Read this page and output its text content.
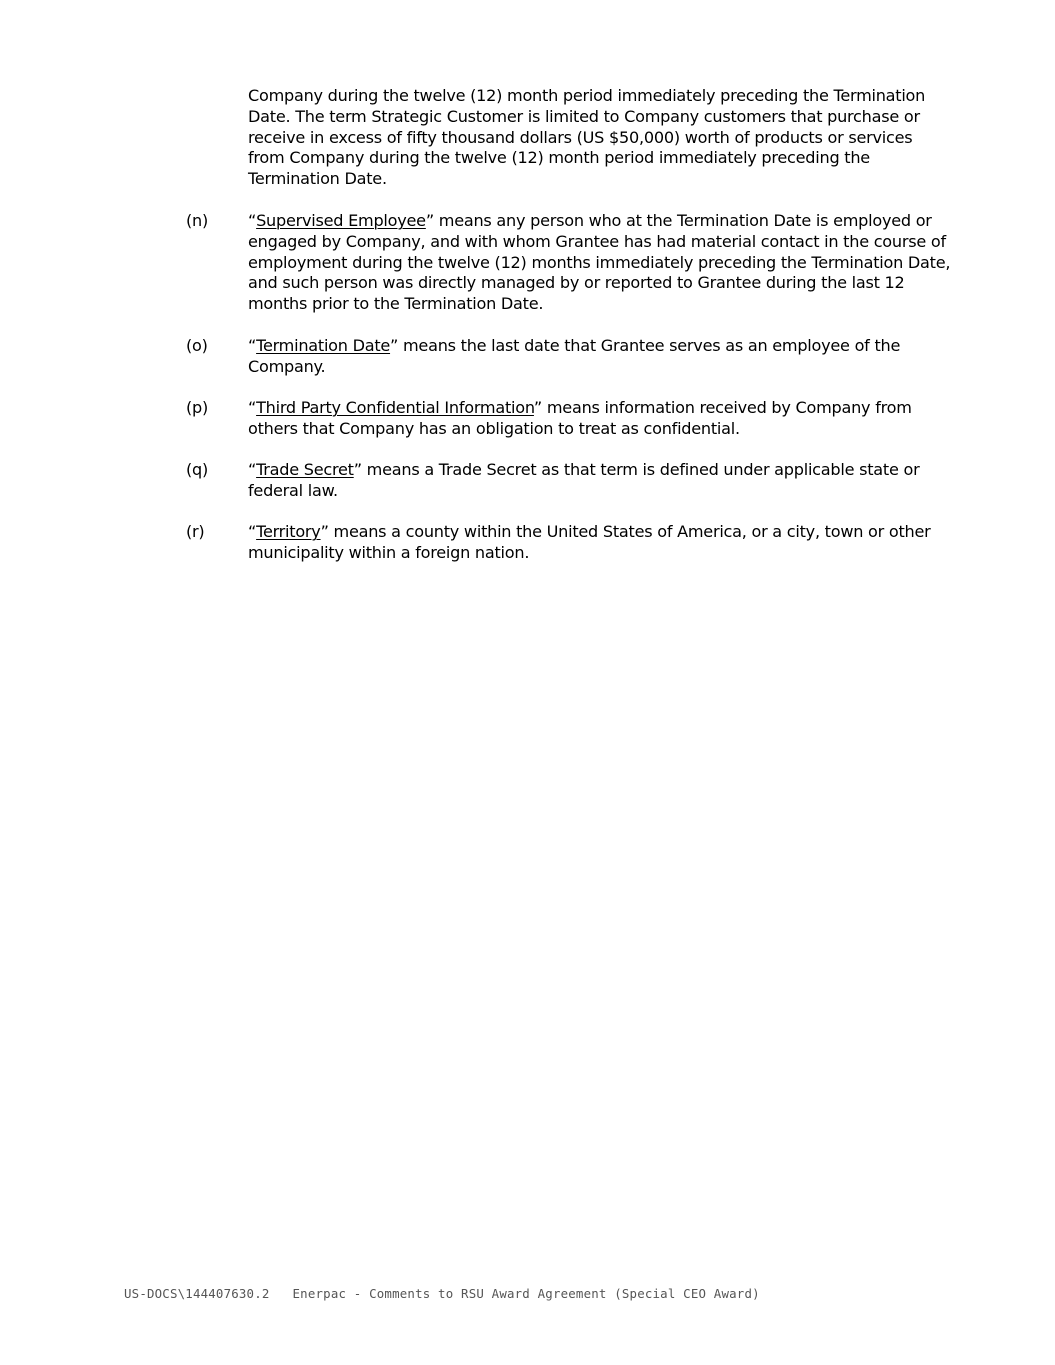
Company during the twelve (12) month period immediately preceding the Termination
Date. The term Strategic Customer is limited to Company customers that purchase or
receive in excess of fifty thousand dollars (US $50,000) worth of products or services
from Company during the twelve (12) month period immediately preceding the
Termination Date.
(n) “Supervised Employee” means any person who at the Termination Date is employed or
engaged by Company, and with whom Grantee has had material contact in the course of
employment during the twelve (12) months immediately preceding the Termination Date,
and such person was directly managed by or reported to Grantee during the last 12
months prior to the Termination Date.
(o)	“Termination Date” means the last date that Grantee serves as an employee of the
Company.
(p) “Third Party Confidential Information” means information received by Company from
others that Company has an obligation to treat as confidential.
(q) “Trade Secret” means a Trade Secret as that term is defined under applicable state or
federal law.
(r)	“Territory” means a county within the United States of America, or a city, town or other
municipality within a foreign nation.
US-DOCS\144407630.2   Enerpac - Comments to RSU Award Agreement (Special CEO Award)
